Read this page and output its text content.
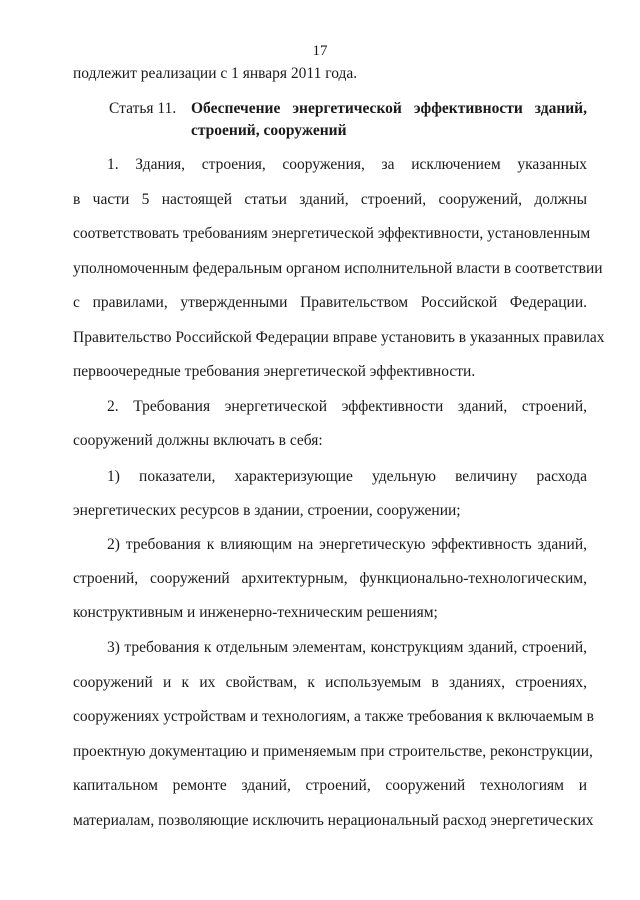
17
подлежит реализации с 1 января 2011 года.
Статья 11. Обеспечение энергетической эффективности зданий,
строений, сооружений
1. Здания, строения, сооружения, за исключением указанных
в части 5 настоящей статьи зданий, строений, сооружений, должны
соответствовать требованиям энергетической эффективности, установленным
уполномоченным федеральным органом исполнительной власти в соответствии
с правилами, утвержденными Правительством Российской Федерации.
Правительство Российской Федерации вправе установить в указанных правилах
первоочередные требования энергетической эффективности.
2. Требования энергетической эффективности зданий, строений,
сооружений должны включать в себя:
1) показатели, характеризующие удельную величину расхода
энергетических ресурсов в здании, строении, сооружении;
2) требования к влияющим на энергетическую эффективность зданий,
строений, сооружений архитектурным, функционально-технологическим,
конструктивным и инженерно-техническим решениям;
3) требования к отдельным элементам, конструкциям зданий, строений,
сооружений и к их свойствам, к используемым в зданиях, строениях,
сооружениях устройствам и технологиям, а также требования к включаемым в
проектную документацию и применяемым при строительстве, реконструкции,
капитальном ремонте зданий, строений, сооружений технологиям и
материалам, позволяющие исключить нерациональный расход энергетических
